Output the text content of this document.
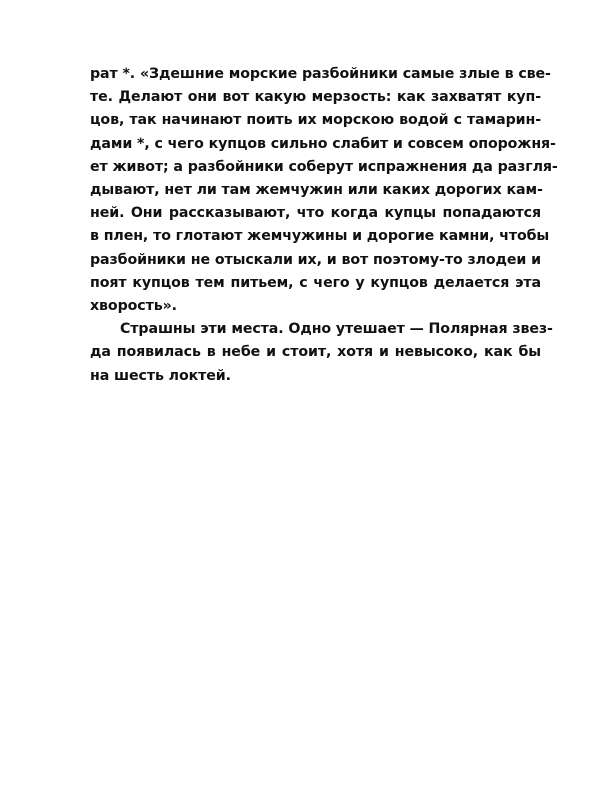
рат *. «Здешние морские разбойники самые злые в све-
те. Делают они вот какую мерзость: как захватят куп-
цов, так начинают поить их морскою водой с тамарин-
дами *, с чего купцов сильно слабит и совсем опорожня-
ет живот; а разбойники соберут испражнения да разгля-
дывают, нет ли там жемчужин или каких дорогих кам-
ней. Они рассказывают, что когда купцы попадаются
в плен, то глотают жемчужины и дорогие камни, чтобы
разбойники не отыскали их, и вот поэтому-то злодеи и
поят купцов тем питьем, с чего у купцов делается эта
хворость».
Страшны эти места. Одно утешает — Полярная звез-
да появилась в небе и стоит, хотя и невысоко, как бы
на шесть локтей.
